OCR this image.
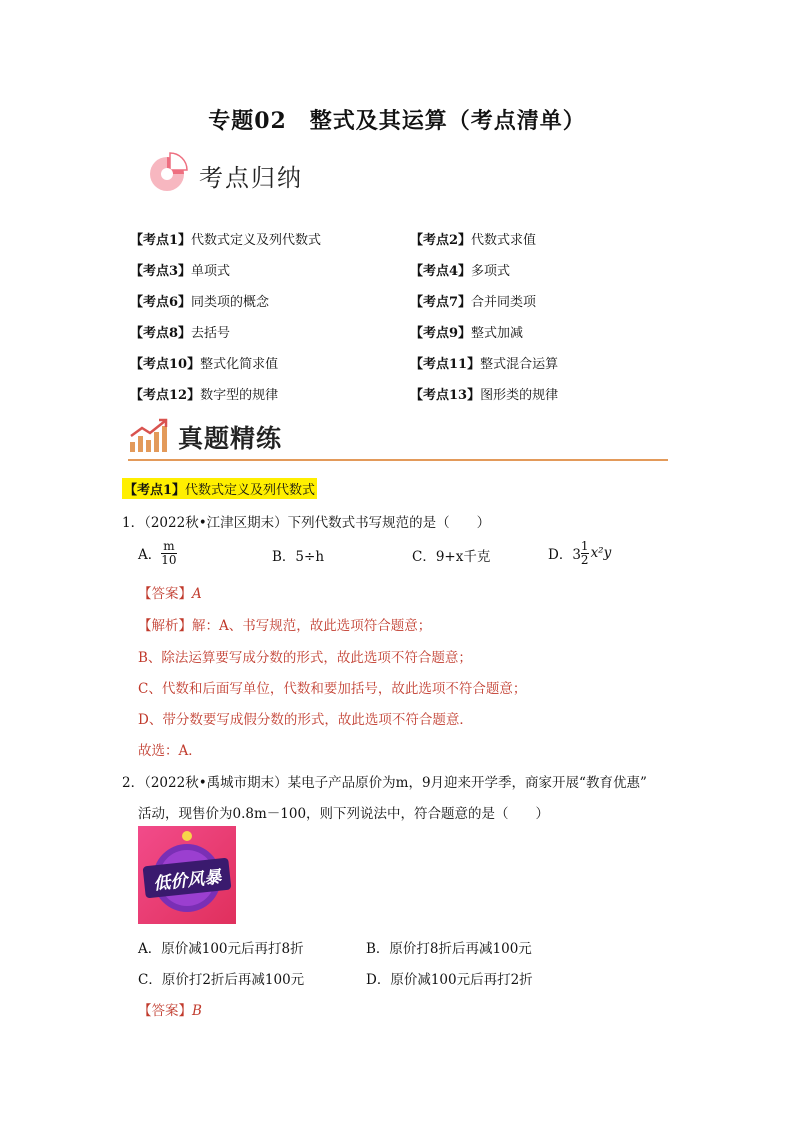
专题02　整式及其运算（考点清单）
考点归纳
【考点1】代数式定义及列代数式	【考点2】代数式求值
【考点3】单项式	【考点4】多项式
【考点6】同类项的概念	【考点7】合并同类项
【考点8】去括号	【考点9】整式加减
【考点10】整式化简求值	【考点11】整式混合运算
【考点12】数字型的规律	【考点13】图形类的规律
真题精练
【考点1】代数式定义及列代数式
1．（2022秋•江津区期末）下列代数式书写规范的是（　　）
A． $\frac{m}{10}$	B．5÷h	C．9+x千克	D．$3 \frac{1}{2} x^2y$
【答案】A
【解析】解：A、书写规范，故此选项符合题意；
B、除法运算要写成分数的形式，故此选项不符合题意；
C、代数和后面写单位，代数和要加括号，故此选项不符合题意；
D、带分数要写成假分数的形式，故此选项不符合题意．
故选：A．
2．（2022秋•禹城市期末）某电子产品原价为m，9月迎来开学季，商家开展“教育优惠”
活动，现售价为0.8m－100，则下列说法中，符合题意的是（　　）
低价风暴
A．原价减100元后再打8折	B．原价打8折后再减100元
C．原价打2折后再减100元	D．原价减100元后再打2折
【答案】B
